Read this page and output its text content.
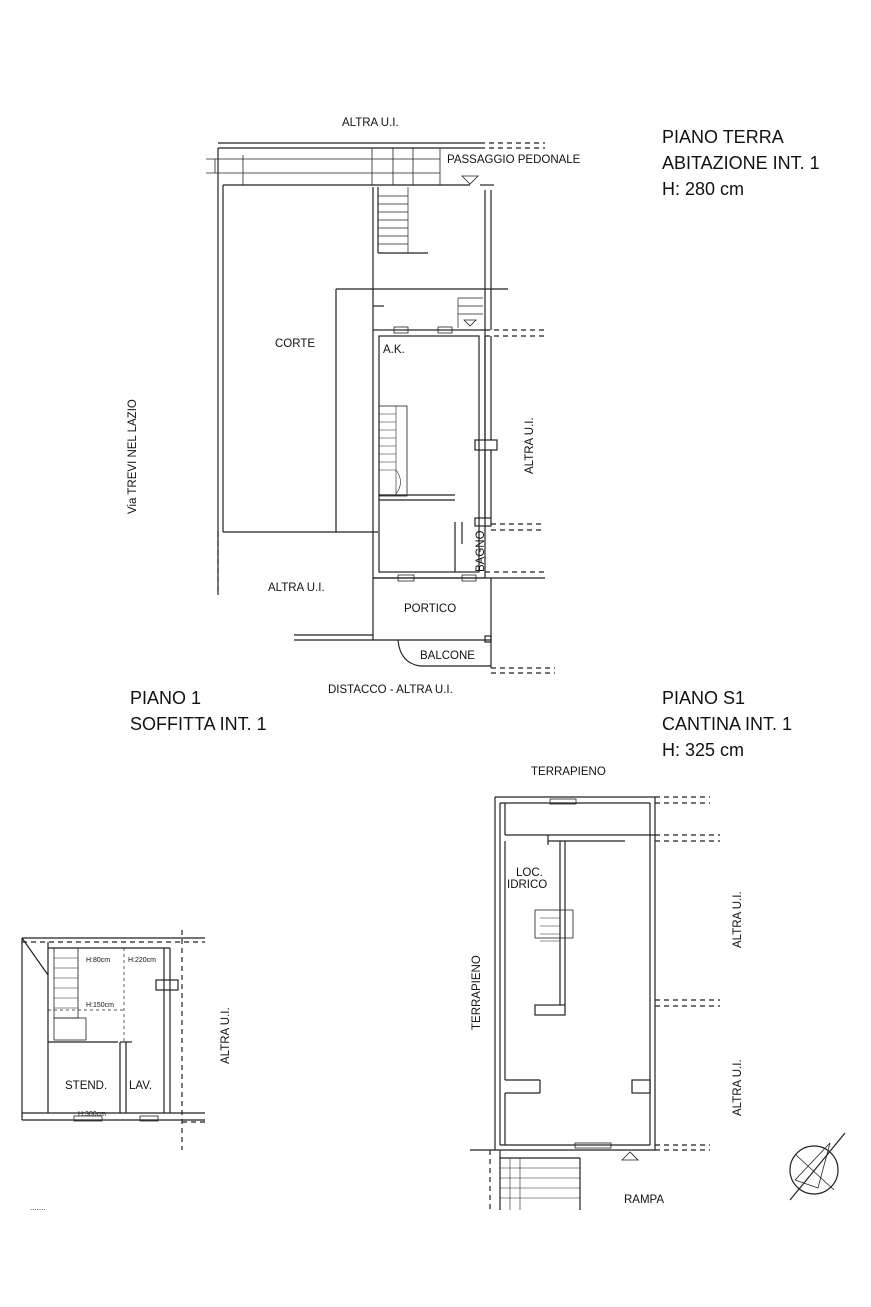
PIANO TERRA
ABITAZIONE INT. 1
H: 280 cm
PIANO 1
SOFFITTA INT. 1
PIANO S1
CANTINA INT. 1
H: 325 cm
ALTRA U.I.
PASSAGGIO PEDONALE
Via TREVI NEL LAZIO
CORTE	A.K.
ALTRA U.I.
BAGNO
ALTRA U.I.
PORTICO
BALCONE
DISTACCO - ALTRA U.I.
H:80cm	H:220cm
H:150cm
H:300cm
STEND. LAV.
ALTRA U.I.
.......
TERRAPIENO
TERRAPIENO
LOC.
IDRICO
ALTRA U.I.
ALTRA U.I.
RAMPA
